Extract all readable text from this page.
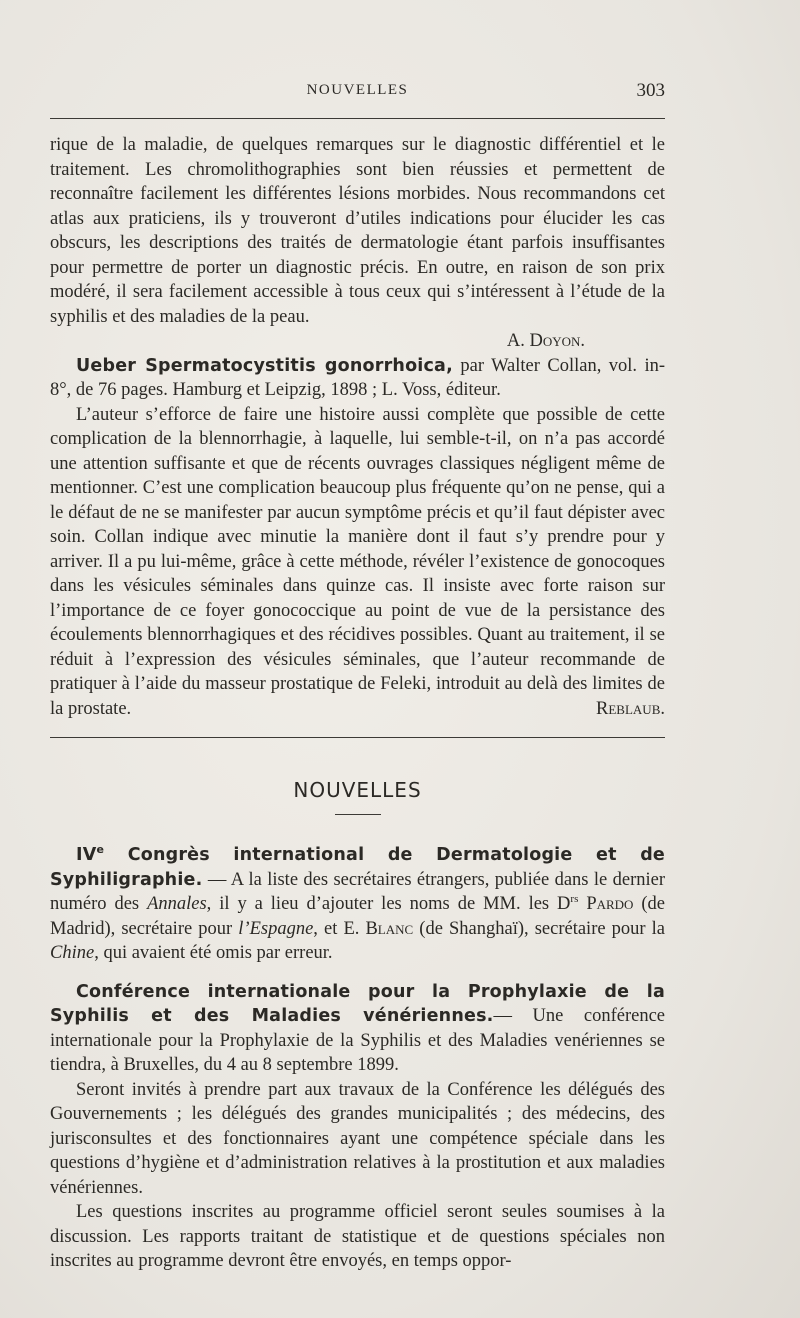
NOUVELLES	303

rique de la maladie, de quelques remarques sur le diagnostic différentiel et le traitement. Les chromolithographies sont bien réussies et permettent de reconnaître facilement les différentes lésions morbides. Nous recommandons cet atlas aux praticiens, ils y trouveront d’utiles indications pour élucider les cas obscurs, les descriptions des traités de dermatologie étant parfois insuffisantes pour permettre de porter un diagnostic précis. En outre, en raison de son prix modéré, il sera facilement accessible à tous ceux qui s’intéressent à l’étude de la syphilis et des maladies de la peau.

A. Doyon.

Ueber Spermatocystitis gonorrhoica, par Walter Collan, vol. in-8°, de 76 pages. Hamburg et Leipzig, 1898 ; L. Voss, éditeur.

L’auteur s’efforce de faire une histoire aussi complète que possible de cette complication de la blennorrhagie, à laquelle, lui semble-t-il, on n’a pas accordé une attention suffisante et que de récents ouvrages classiques négligent même de mentionner. C’est une complication beaucoup plus fréquente qu’on ne pense, qui a le défaut de ne se manifester par aucun symptôme précis et qu’il faut dépister avec soin. Collan indique avec minutie la manière dont il faut s’y prendre pour y arriver. Il a pu lui-même, grâce à cette méthode, révéler l’existence de gonocoques dans les vésicules séminales dans quinze cas. Il insiste avec forte raison sur l’importance de ce foyer gonococcique au point de vue de la persistance des écoulements blennorrhagiques et des récidives possibles. Quant au traitement, il se réduit à l’expression des vésicules séminales, que l’auteur recommande de pratiquer à l’aide du masseur prostatique de Feleki, introduit au delà des limites de la prostate.	Reblaub.

NOUVELLES

IVe Congrès international de Dermatologie et de Syphiligraphie. — A la liste des secrétaires étrangers, publiée dans le dernier numéro des Annales, il y a lieu d’ajouter les noms de MM. les $D^{rs}$ Pardo (de Madrid), secrétaire pour l’Espagne, et E. Blanc (de Shanghaï), secrétaire pour la Chine, qui avaient été omis par erreur.

Conférence internationale pour la Prophylaxie de la Syphilis et des Maladies vénériennes.— Une conférence internationale pour la Prophylaxie de la Syphilis et des Maladies venériennes se tiendra, à Bruxelles, du 4 au 8 septembre 1899.

Seront invités à prendre part aux travaux de la Conférence les délégués des Gouvernements ; les délégués des grandes municipalités ; des médecins, des jurisconsultes et des fonctionnaires ayant une compétence spéciale dans les questions d’hygiène et d’administration relatives à la prostitution et aux maladies vénériennes.

Les questions inscrites au programme officiel seront seules soumises à la discussion. Les rapports traitant de statistique et de questions spéciales non inscrites au programme devront être envoyés, en temps oppor-
